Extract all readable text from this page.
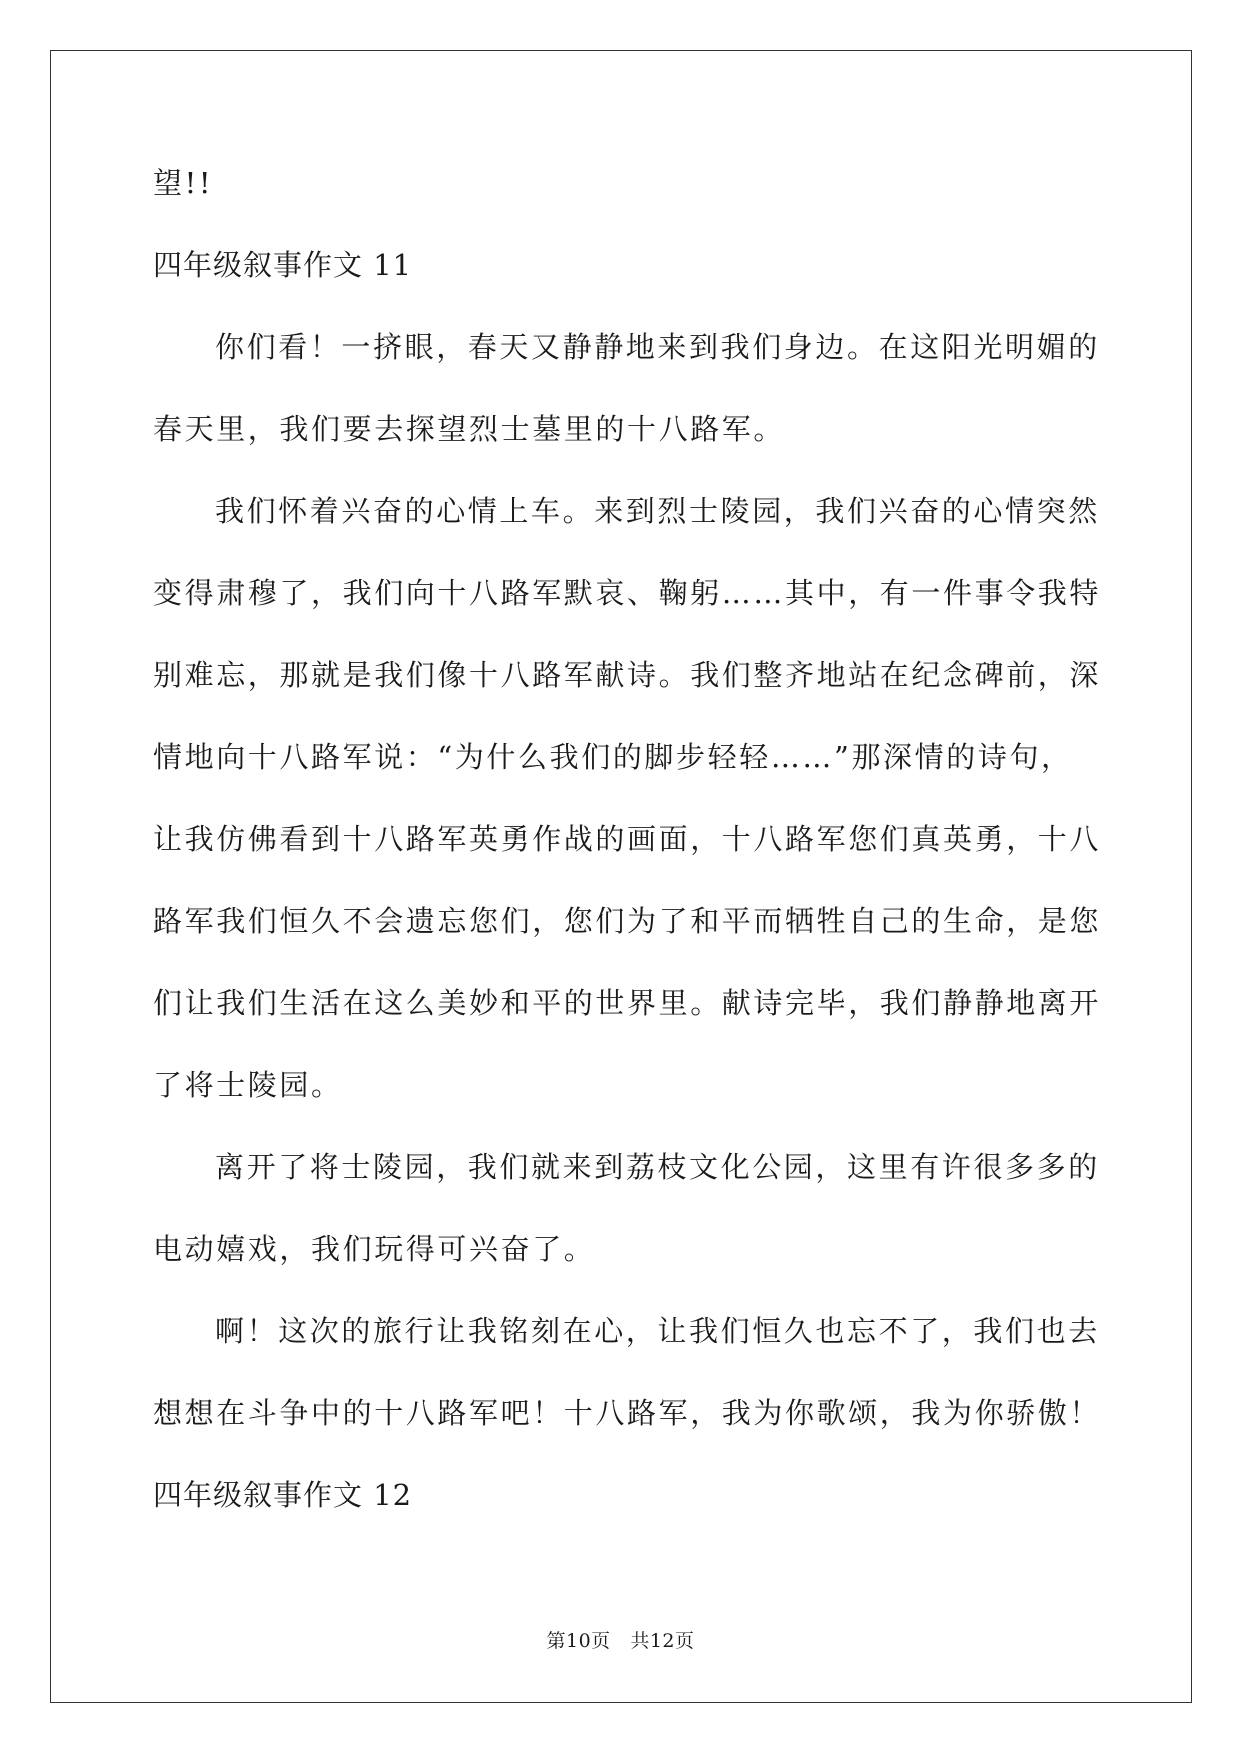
望!!
四年级叙事作文 11
你们看！一挤眼，春天又静静地来到我们身边。在这阳光明媚的
春天里，我们要去探望烈士墓里的十八路军。
我们怀着兴奋的心情上车。来到烈士陵园，我们兴奋的心情突然
变得肃穆了，我们向十八路军默哀、鞠躬……其中，有一件事令我特
别难忘，那就是我们像十八路军献诗。我们整齐地站在纪念碑前，深
情地向十八路军说：“为什么我们的脚步轻轻……”那深情的诗句，
让我仿佛看到十八路军英勇作战的画面，十八路军您们真英勇，十八
路军我们恒久不会遗忘您们，您们为了和平而牺牲自己的生命，是您
们让我们生活在这么美妙和平的世界里。献诗完毕，我们静静地离开
了将士陵园。
离开了将士陵园，我们就来到荔枝文化公园，这里有许很多多的
电动嬉戏，我们玩得可兴奋了。
啊！这次的旅行让我铭刻在心，让我们恒久也忘不了，我们也去
想想在斗争中的十八路军吧！十八路军，我为你歌颂，我为你骄傲！
四年级叙事作文 12
第10页 共12页
